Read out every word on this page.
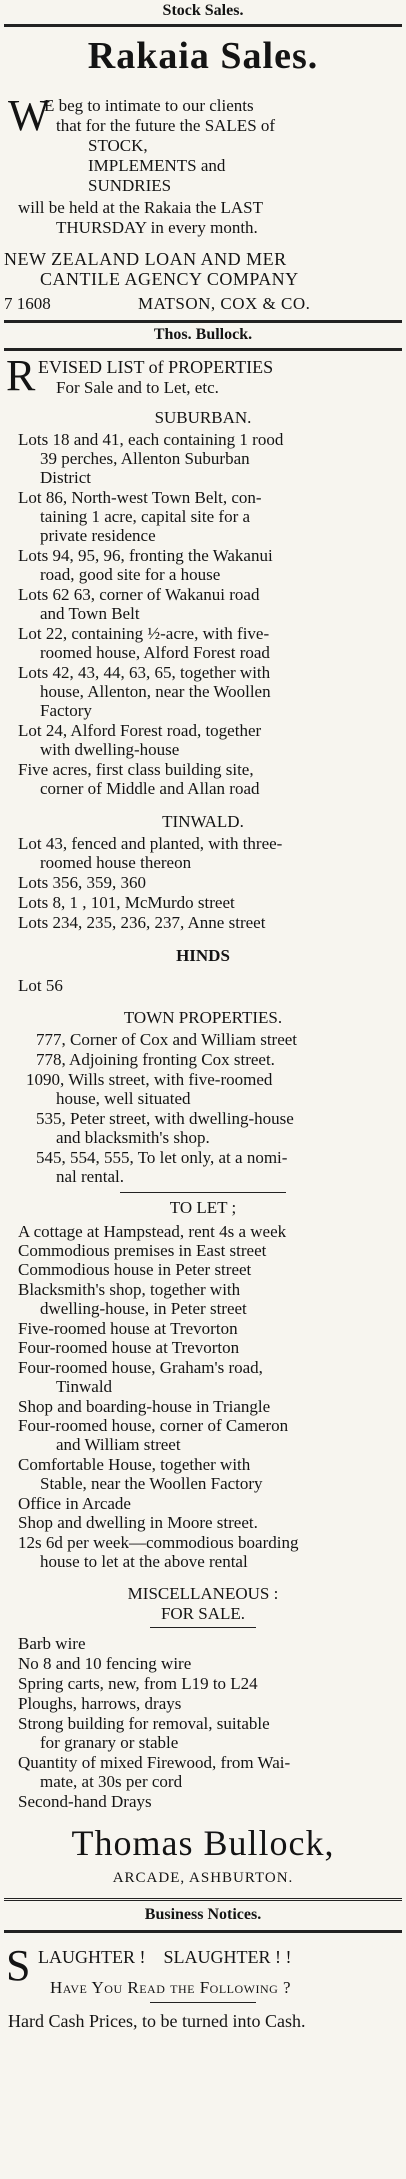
Stock Sales.
Rakaia Sales.
W
E beg to intimate to our clients
that for the future the SALES of
STOCK,
IMPLEMENTS and
SUNDRIES
will be held at the Rakaia the LAST
THURSDAY in every month.
NEW ZEALAND LOAN AND MER
CANTILE AGENCY COMPANY
7 1608	MATSON, COX & CO.
Thos. Bullock.
R EVISED LIST of PROPERTIES
For Sale and to Let, etc.
SUBURBAN.
Lots 18 and 41, each containing 1 rood
39 perches, Allenton Suburban
District
Lot 86, North-west Town Belt, con-
taining 1 acre, capital site for a
private residence
Lots 94, 95, 96, fronting the Wakanui
road, good site for a house
Lots 62 63, corner of Wakanui road
and Town Belt
Lot 22, containing ½-acre, with five-
roomed house, Alford Forest road
Lots 42, 43, 44, 63, 65, together with
house, Allenton, near the Woollen
Factory
Lot 24, Alford Forest road, together
with dwelling-house
Five acres, first class building site,
corner of Middle and Allan road
TINWALD.
Lot 43, fenced and planted, with three-
roomed house thereon
Lots 356, 359, 360
Lots 8, 1 , 101, McMurdo street
Lots 234, 235, 236, 237, Anne street
HINDS
Lot 56
TOWN PROPERTIES.
777, Corner of Cox and William street
778, Adjoining fronting Cox street.
1090, Wills street, with five-roomed
house, well situated
535, Peter street, with dwelling-house
and blacksmith's shop.
545, 554, 555, To let only, at a nomi-
nal rental.
TO LET ;
A cottage at Hampstead, rent 4s a week
Commodious premises in East street
Commodious house in Peter street
Blacksmith's shop, together with
dwelling-house, in Peter street
Five-roomed house at Trevorton
Four-roomed house at Trevorton
Four-roomed house, Graham's road,
Tinwald
Shop and boarding-house in Triangle
Four-roomed house, corner of Cameron
and William street
Comfortable House, together with
Stable, near the Woollen Factory
Office in Arcade
Shop and dwelling in Moore street.
12s 6d per week—commodious boarding
house to let at the above rental
MISCELLANEOUS :
FOR SALE.
Barb wire
No 8 and 10 fencing wire
Spring carts, new, from L19 to L24
Ploughs, harrows, drays
Strong building for removal, suitable
for granary or stable
Quantity of mixed Firewood, from Wai-
mate, at 30s per cord
Second-hand Drays
Thomas Bullock,
ARCADE, ASHBURTON.
Business Notices.
S LAUGHTER !    SLAUGHTER ! !
Have You Read the Following ?
Hard Cash Prices, to be turned into Cash.
